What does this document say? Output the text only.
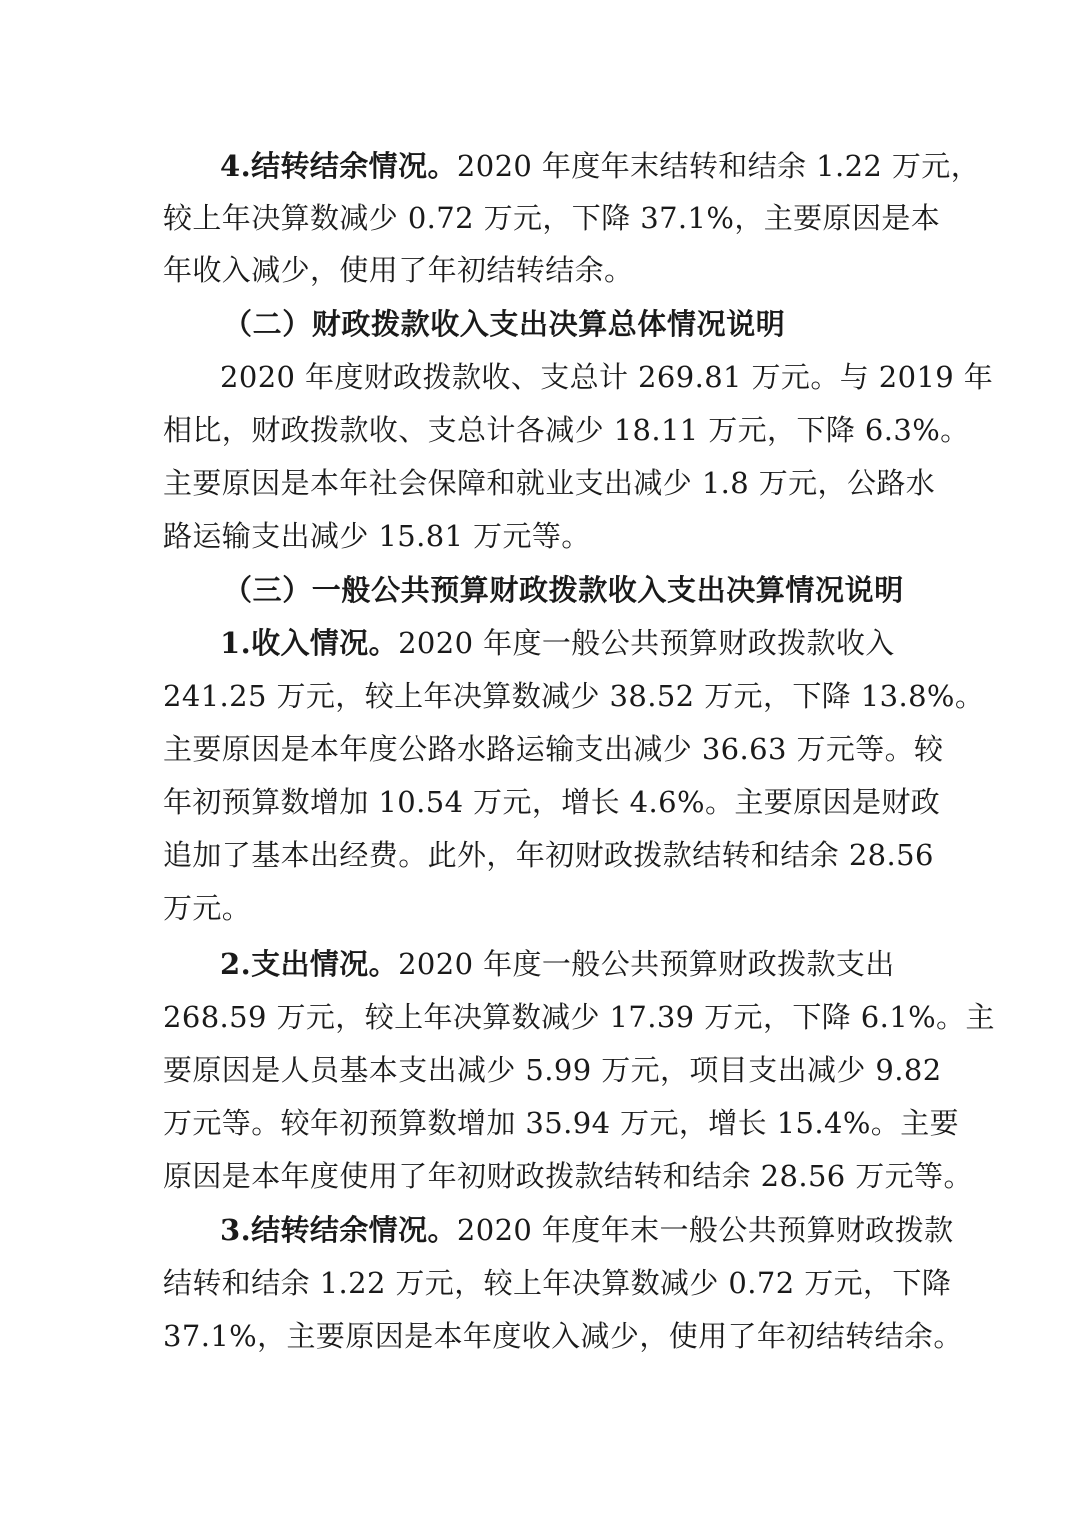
4.结转结余情况。2020 年度年末结转和结余 1.22 万元，
较上年决算数减少 0.72 万元，下降 37.1%，主要原因是本
年收入减少，使用了年初结转结余。
（二）财政拨款收入支出决算总体情况说明
2020 年度财政拨款收、支总计 269.81 万元。与 2019 年
相比，财政拨款收、支总计各减少 18.11 万元，下降 6.3%。
主要原因是本年社会保障和就业支出减少 1.8 万元，公路水
路运输支出减少 15.81 万元等。
（三）一般公共预算财政拨款收入支出决算情况说明
1.收入情况。2020 年度一般公共预算财政拨款收入
241.25 万元，较上年决算数减少 38.52 万元，下降 13.8%。
主要原因是本年度公路水路运输支出减少 36.63 万元等。较
年初预算数增加 10.54 万元，增长 4.6%。主要原因是财政
追加了基本出经费。此外，年初财政拨款结转和结余 28.56
万元。
2.支出情况。2020 年度一般公共预算财政拨款支出
268.59 万元，较上年决算数减少 17.39 万元，下降 6.1%。主
要原因是人员基本支出减少 5.99 万元，项目支出减少 9.82
万元等。较年初预算数增加 35.94 万元，增长 15.4%。主要
原因是本年度使用了年初财政拨款结转和结余 28.56 万元等。
3.结转结余情况。2020 年度年末一般公共预算财政拨款
结转和结余 1.22 万元，较上年决算数减少 0.72 万元，下降
37.1%，主要原因是本年度收入减少，使用了年初结转结余。
